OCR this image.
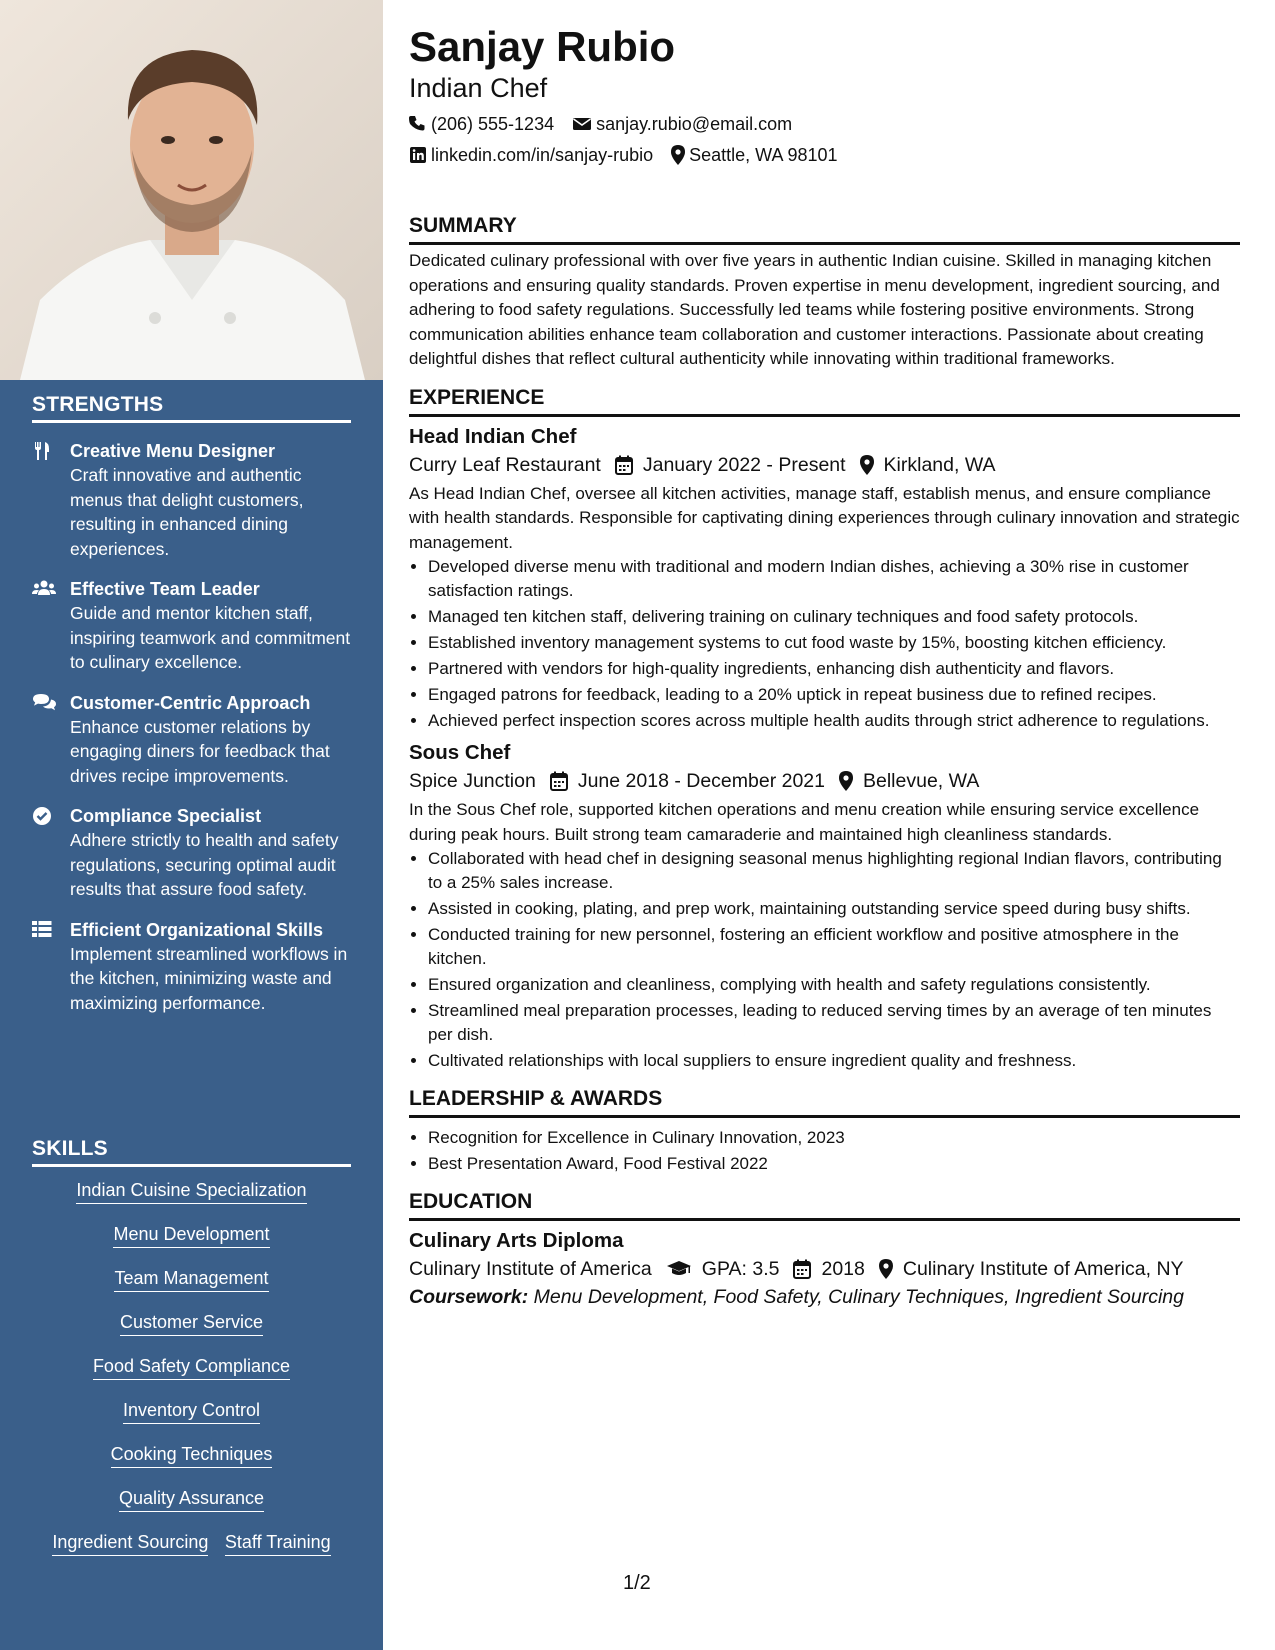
STRENGTHS
Creative Menu Designer
Craft innovative and authentic menus that delight customers, resulting in enhanced dining experiences.
Effective Team Leader
Guide and mentor kitchen staff, inspiring teamwork and commitment to culinary excellence.
Customer-Centric Approach
Enhance customer relations by engaging diners for feedback that drives recipe improvements.
Compliance Specialist
Adhere strictly to health and safety regulations, securing optimal audit results that assure food safety.
Efficient Organizational Skills
Implement streamlined workflows in the kitchen, minimizing waste and maximizing performance.
SKILLS
Indian Cuisine Specialization
Menu Development
Team Management
Customer Service
Food Safety Compliance
Inventory Control
Cooking Techniques
Quality Assurance
Ingredient Sourcing Staff Training
Sanjay Rubio
Indian Chef
(206) 555-1234 sanjay.rubio@email.com
linkedin.com/in/sanjay-rubio Seattle, WA 98101
SUMMARY

Dedicated culinary professional with over five years in authentic Indian cuisine. Skilled in managing kitchen operations and ensuring quality standards. Proven expertise in menu development, ingredient sourcing, and adhering to food safety regulations. Successfully led teams while fostering positive environments. Strong communication abilities enhance team collaboration and customer interactions. Passionate about creating delightful dishes that reflect cultural authenticity while innovating within traditional frameworks.

EXPERIENCE
Head Indian Chef
Curry Leaf Restaurant January 2022 - Present Kirkland, WA

As Head Indian Chef, oversee all kitchen activities, manage staff, establish menus, and ensure compliance with health standards. Responsible for captivating dining experiences through culinary innovation and strategic management.

• Developed diverse menu with traditional and modern Indian dishes, achieving a 30% rise in customer satisfaction ratings.
• Managed ten kitchen staff, delivering training on culinary techniques and food safety protocols.
• Established inventory management systems to cut food waste by 15%, boosting kitchen efficiency.
• Partnered with vendors for high-quality ingredients, enhancing dish authenticity and flavors.
• Engaged patrons for feedback, leading to a 20% uptick in repeat business due to refined recipes.
• Achieved perfect inspection scores across multiple health audits through strict adherence to regulations.
Sous Chef
Spice Junction June 2018 - December 2021 Bellevue, WA

In the Sous Chef role, supported kitchen operations and menu creation while ensuring service excellence during peak hours. Built strong team camaraderie and maintained high cleanliness standards.

• Collaborated with head chef in designing seasonal menus highlighting regional Indian flavors, contributing to a 25% sales increase.
• Assisted in cooking, plating, and prep work, maintaining outstanding service speed during busy shifts.
• Conducted training for new personnel, fostering an efficient workflow and positive atmosphere in the kitchen.
• Ensured organization and cleanliness, complying with health and safety regulations consistently.
• Streamlined meal preparation processes, leading to reduced serving times by an average of ten minutes per dish.
• Cultivated relationships with local suppliers to ensure ingredient quality and freshness.
LEADERSHIP & AWARDS
• Recognition for Excellence in Culinary Innovation, 2023
• Best Presentation Award, Food Festival 2022
EDUCATION
Culinary Arts Diploma
Culinary Institute of America	GPA: 3.5 2018 Culinary Institute of America, NY
Coursework: Menu Development, Food Safety, Culinary Techniques, Ingredient Sourcing
1/2
